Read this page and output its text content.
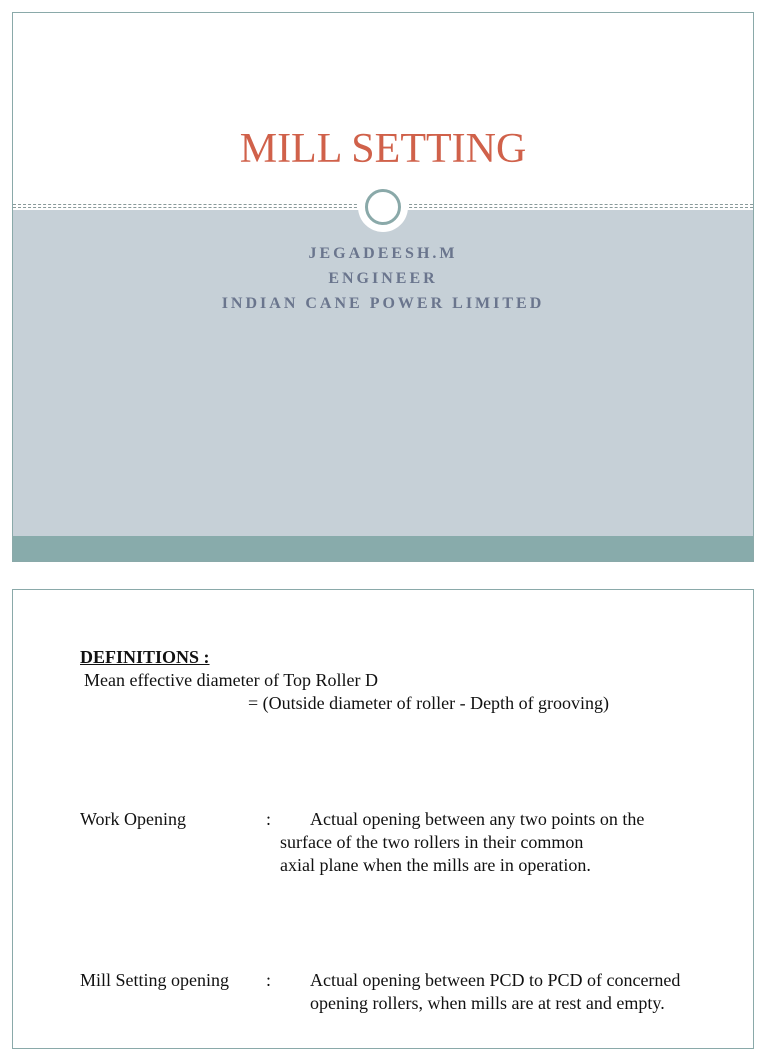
MILL SETTING
JEGADEESH.M
ENGINEER
INDIAN CANE POWER LIMITED
DEFINITIONS :
Mean effective diameter of Top Roller D
= (Outside diameter of roller - Depth of grooving)
Work Opening	: Actual opening between any two points on the
surface of the two rollers in their common
axial plane when the mills are in operation.
Mill Setting opening : Actual opening between PCD to PCD of concerned
opening rollers, when mills are at rest and empty.
